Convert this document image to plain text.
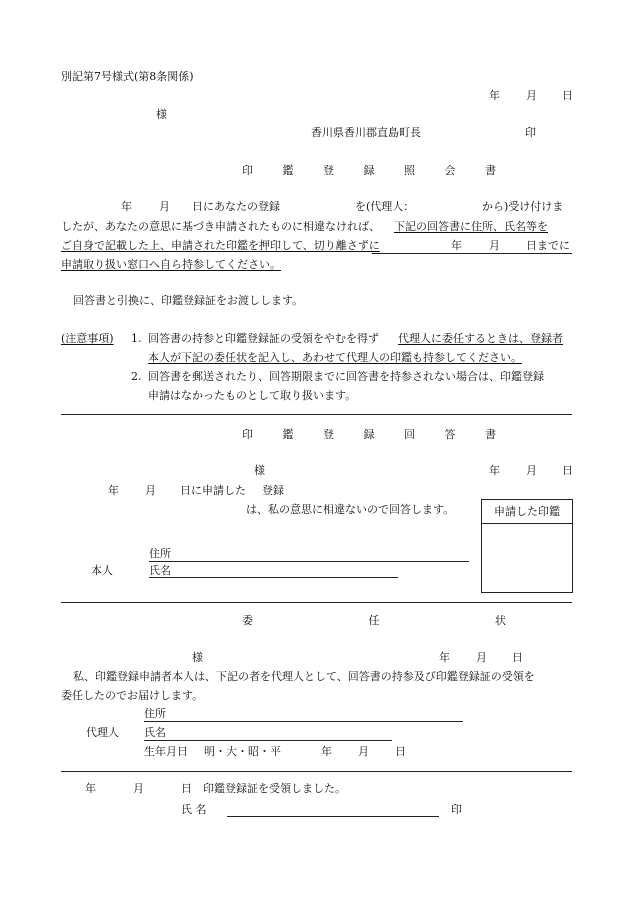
別記第7号様式(第8条関係)
年 月 日
様
香川県香川郡直島町長	印
印 鑑 登 録 照 会 書
年 月 日にあなたの登録	を(代理人：	から)受け付けま
したが、あなたの意思に基づき申請されたものに相違なければ、 下記の回答書に住所、氏名等を
ご自身で記載した上、申請された印鑑を押印して、切り離さずに	年 月 日までに
申請取り扱い窓口へ自ら持参してください。
回答書と引換に、印鑑登録証をお渡しします。
(注意事項) 1. 回答書の持参と印鑑登録証の受領をやむを得ず 代理人に委任するときは、登録者
本人が下記の委任状を記入し、あわせて代理人の印鑑も持参してください。
2. 回答書を郵送されたり、回答期限までに回答書を持参されない場合は、印鑑登録
申請はなかったものとして取り扱います。
印 鑑 登 録 回 答 書
様	年 月 日
年 月 日に申請した 登録
は、私の意思に相違ないので回答します。	申請した印鑑
住所
本人	氏名
委 任 状
様	年 月 日
私、印鑑登録申請者本人は、下記の者を代理人として、回答書の持参及び印鑑登録証の受領を
委任したのでお届けします。
住所
代理人 氏名
生年月日 明・大・昭・平	年 月 日
年	月	日 印鑑登録証を受領しました。
氏 名	印
